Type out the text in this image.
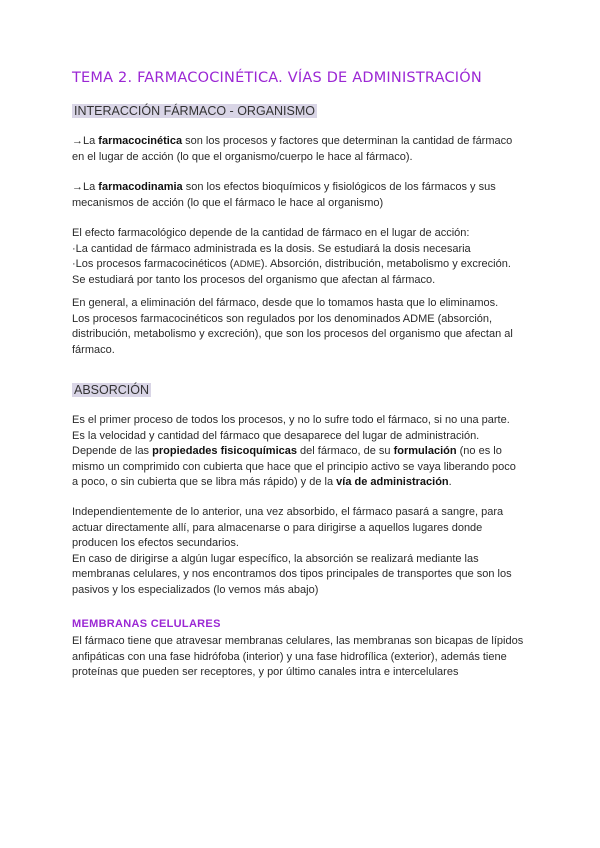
TEMA 2. FARMACOCINÉTICA. VÍAS DE ADMINISTRACIÓN
INTERACCIÓN FÁRMACO - ORGANISMO
→La farmacocinética son los procesos y factores que determinan la cantidad de fármaco
en el lugar de acción (lo que el organismo/cuerpo le hace al fármaco).
→La farmacodinamia son los efectos bioquímicos y fisiológicos de los fármacos y sus
mecanismos de acción (lo que el fármaco le hace al organismo)
El efecto farmacológico depende de la cantidad de fármaco en el lugar de acción:
·La cantidad de fármaco administrada es la dosis. Se estudiará la dosis necesaria
·Los procesos farmacocinéticos (ADME). Absorción, distribución, metabolismo y excreción.
Se estudiará por tanto los procesos del organismo que afectan al fármaco.
En general, a eliminación del fármaco, desde que lo tomamos hasta que lo eliminamos.
Los procesos farmacocinéticos son regulados por los denominados ADME (absorción,
distribución, metabolismo y excreción), que son los procesos del organismo que afectan al
fármaco.
ABSORCIÓN
Es el primer proceso de todos los procesos, y no lo sufre todo el fármaco, si no una parte.
Es la velocidad y cantidad del fármaco que desaparece del lugar de administración.
Depende de las propiedades fisicoquímicas del fármaco, de su formulación (no es lo
mismo un comprimido con cubierta que hace que el principio activo se vaya liberando poco
a poco, o sin cubierta que se libra más rápido) y de la vía de administración.
Independientemente de lo anterior, una vez absorbido, el fármaco pasará a sangre, para
actuar directamente allí, para almacenarse o para dirigirse a aquellos lugares donde
producen los efectos secundarios.
En caso de dirigirse a algún lugar específico, la absorción se realizará mediante las
membranas celulares, y nos encontramos dos tipos principales de transportes que son los
pasivos y los especializados (lo vemos más abajo)
MEMBRANAS CELULARES
El fármaco tiene que atravesar membranas celulares, las membranas son bicapas de lípidos
anfipáticas con una fase hidrófoba (interior) y una fase hidrofílica (exterior), además tiene
proteínas que pueden ser receptores, y por último canales intra e intercelulares
